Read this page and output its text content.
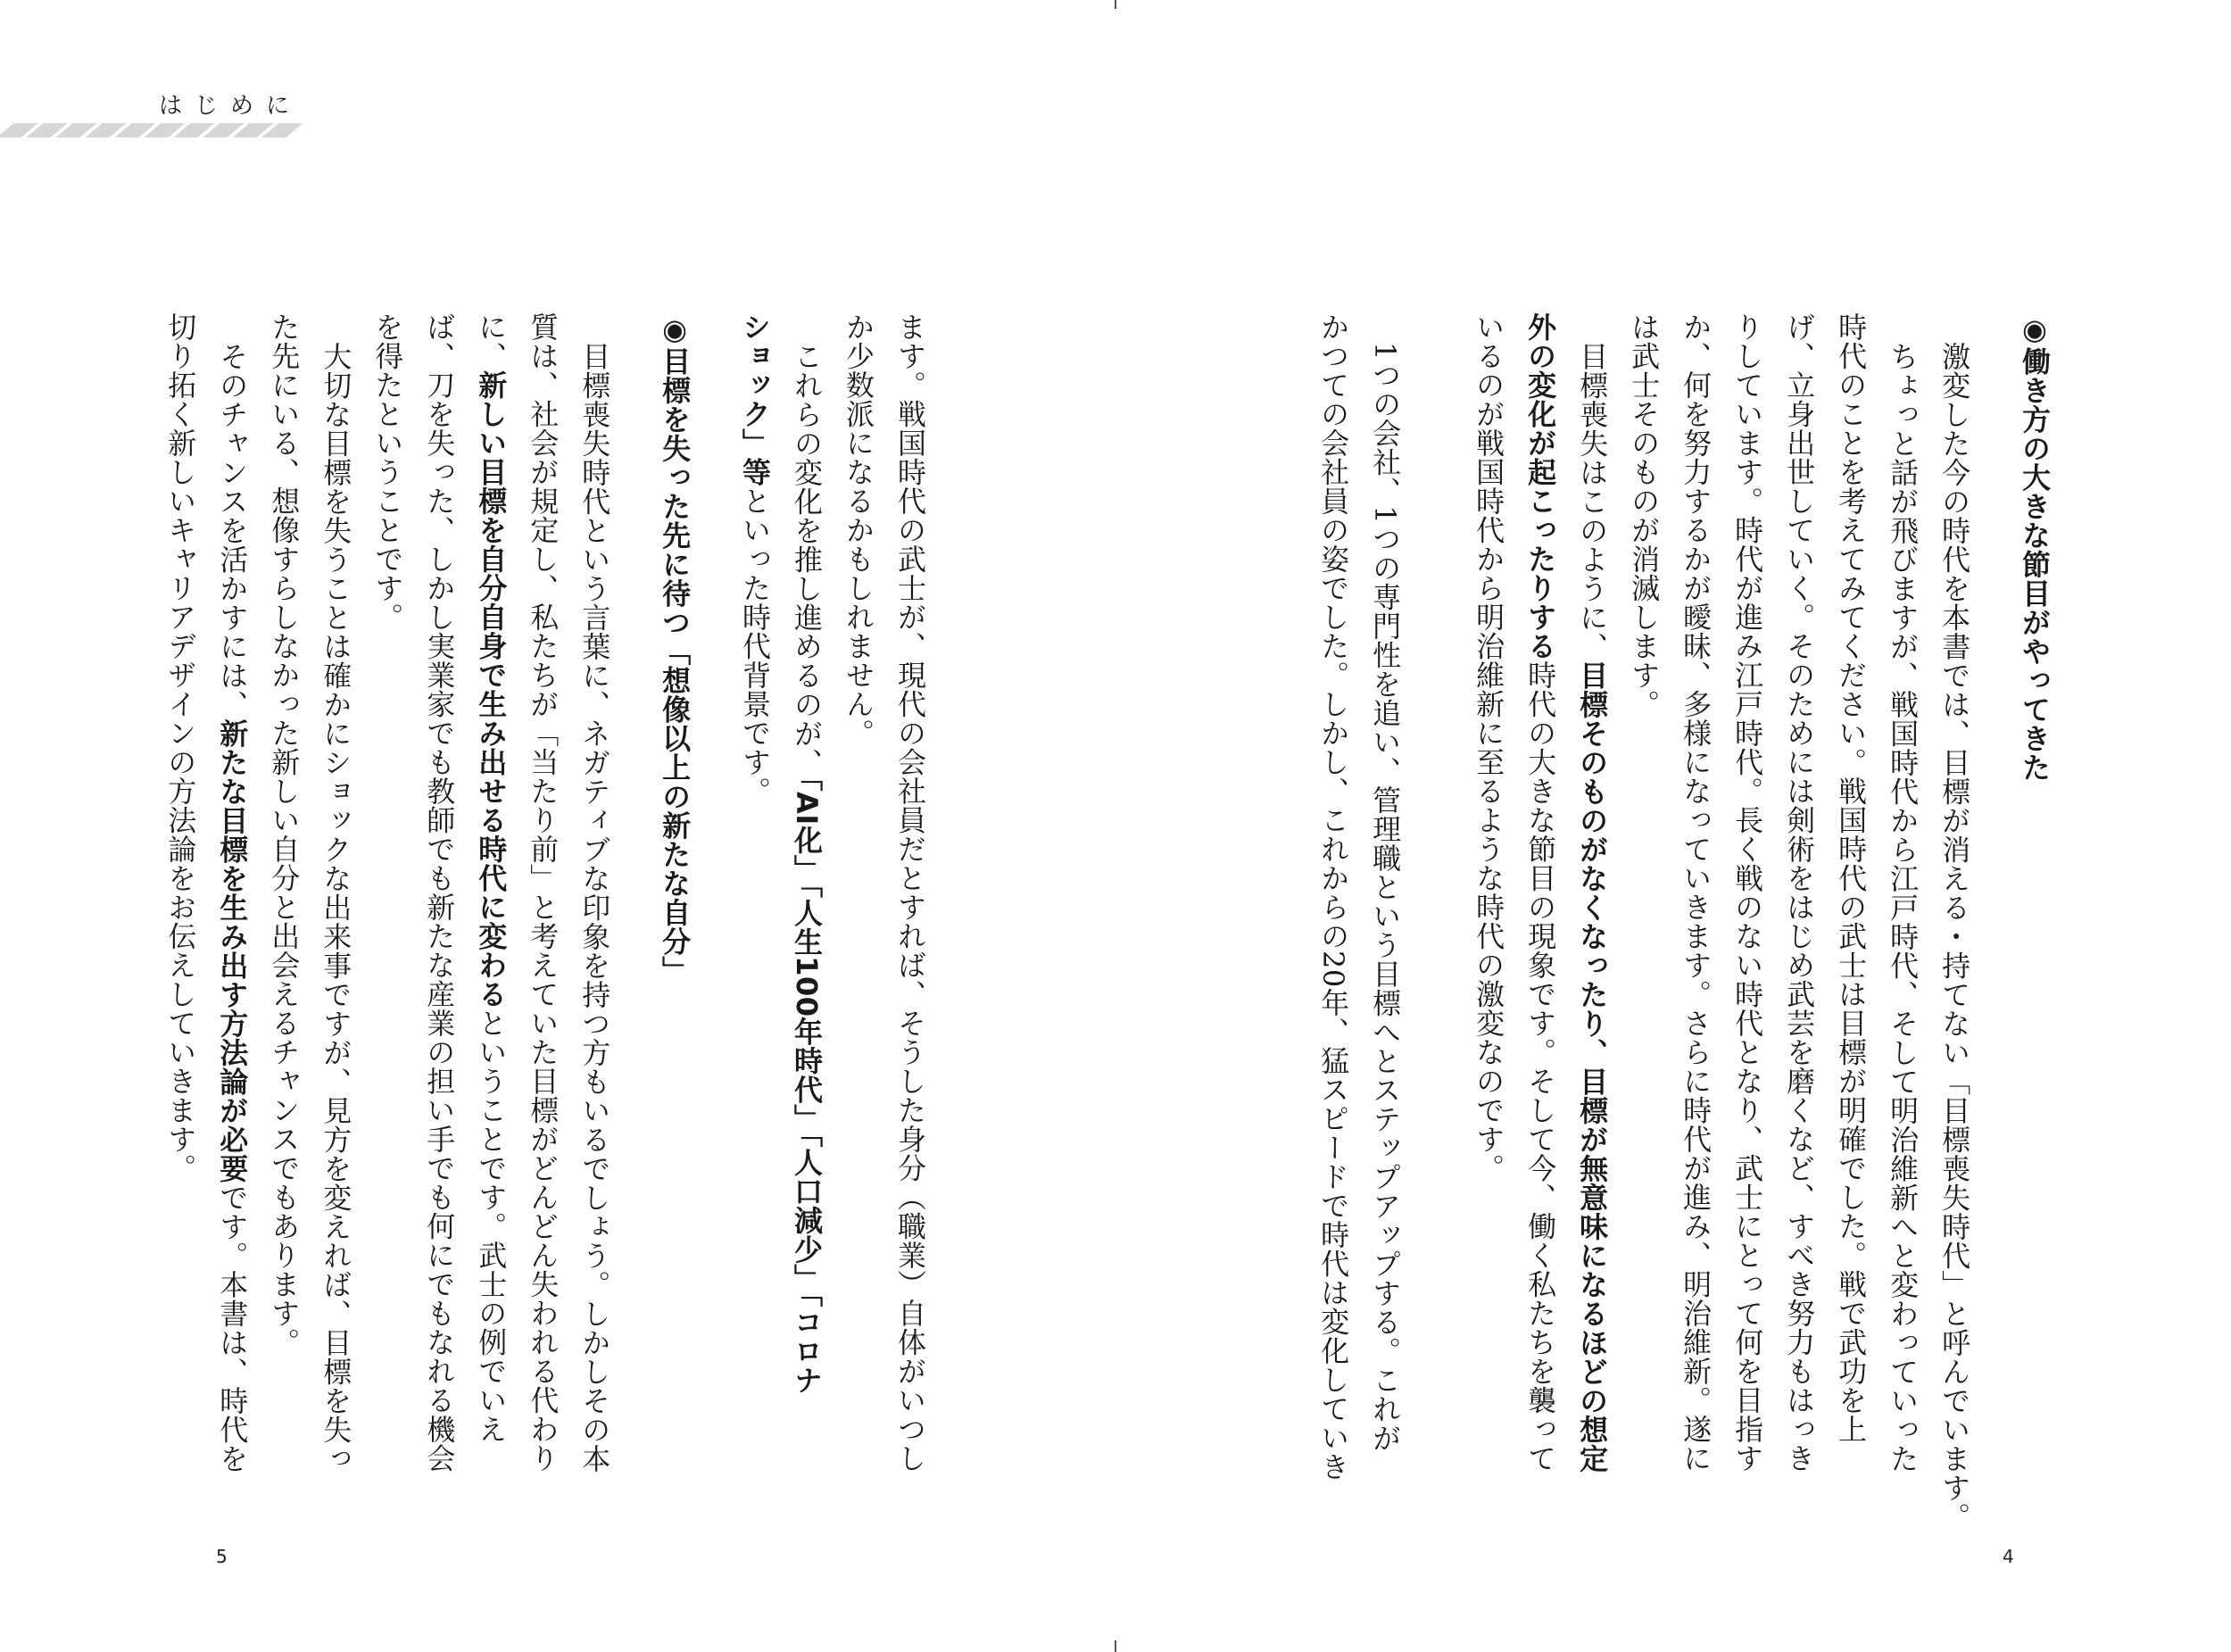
はじめに
◉働き方の大きな節目がやってきた
激変した今の時代を本書では、目標が消える・持てない「目標喪失時代」と呼んでいます。
ちょっと話が飛びますが、戦国時代から江戸時代、そして明治維新へと変わっていった
時代のことを考えてみてください。戦国時代の武士は目標が明確でした。戦で武功を上
げ、立身出世していく。そのためには剣術をはじめ武芸を磨くなど、すべき努力もはっき
りしています。時代が進み江戸時代。長く戦のない時代となり、武士にとって何を目指す
か、何を努力するかが曖昧、多様になっていきます。さらに時代が進み、明治維新。遂に
は武士そのものが消滅します。
目標喪失はこのように、目標そのものがなくなったり、目標が無意味になるほどの想定
外の変化が起こったりする時代の大きな節目の現象です。そして今、働く私たちを襲って
いるのが戦国時代から明治維新に至るような時代の激変なのです。
1つの会社、1つの専門性を追い、管理職という目標へとステップアップする。これが
かつての会社員の姿でした。しかし、これからの20年、猛スピードで時代は変化していき
ます。戦国時代の武士が、現代の会社員だとすれば、そうした身分（職業）自体がいつし
か少数派になるかもしれません。
これらの変化を推し進めるのが、「AI化」「人生100年時代」「人口減少」「コロナ
ショック」等といった時代背景です。
◉目標を失った先に待つ「想像以上の新たな自分」
目標喪失時代という言葉に、ネガティブな印象を持つ方もいるでしょう。しかしその本
質は、社会が規定し、私たちが「当たり前」と考えていた目標がどんどん失われる代わり
に、新しい目標を自分自身で生み出せる時代に変わるということです。武士の例でいえ
ば、刀を失った、しかし実業家でも教師でも新たな産業の担い手でも何にでもなれる機会
を得たということです。
大切な目標を失うことは確かにショックな出来事ですが、見方を変えれば、目標を失っ
た先にいる、想像すらしなかった新しい自分と出会えるチャンスでもあります。
そのチャンスを活かすには、新たな目標を生み出す方法論が必要です。本書は、時代を
切り拓く新しいキャリアデザインの方法論をお伝えしていきます。
4
5
